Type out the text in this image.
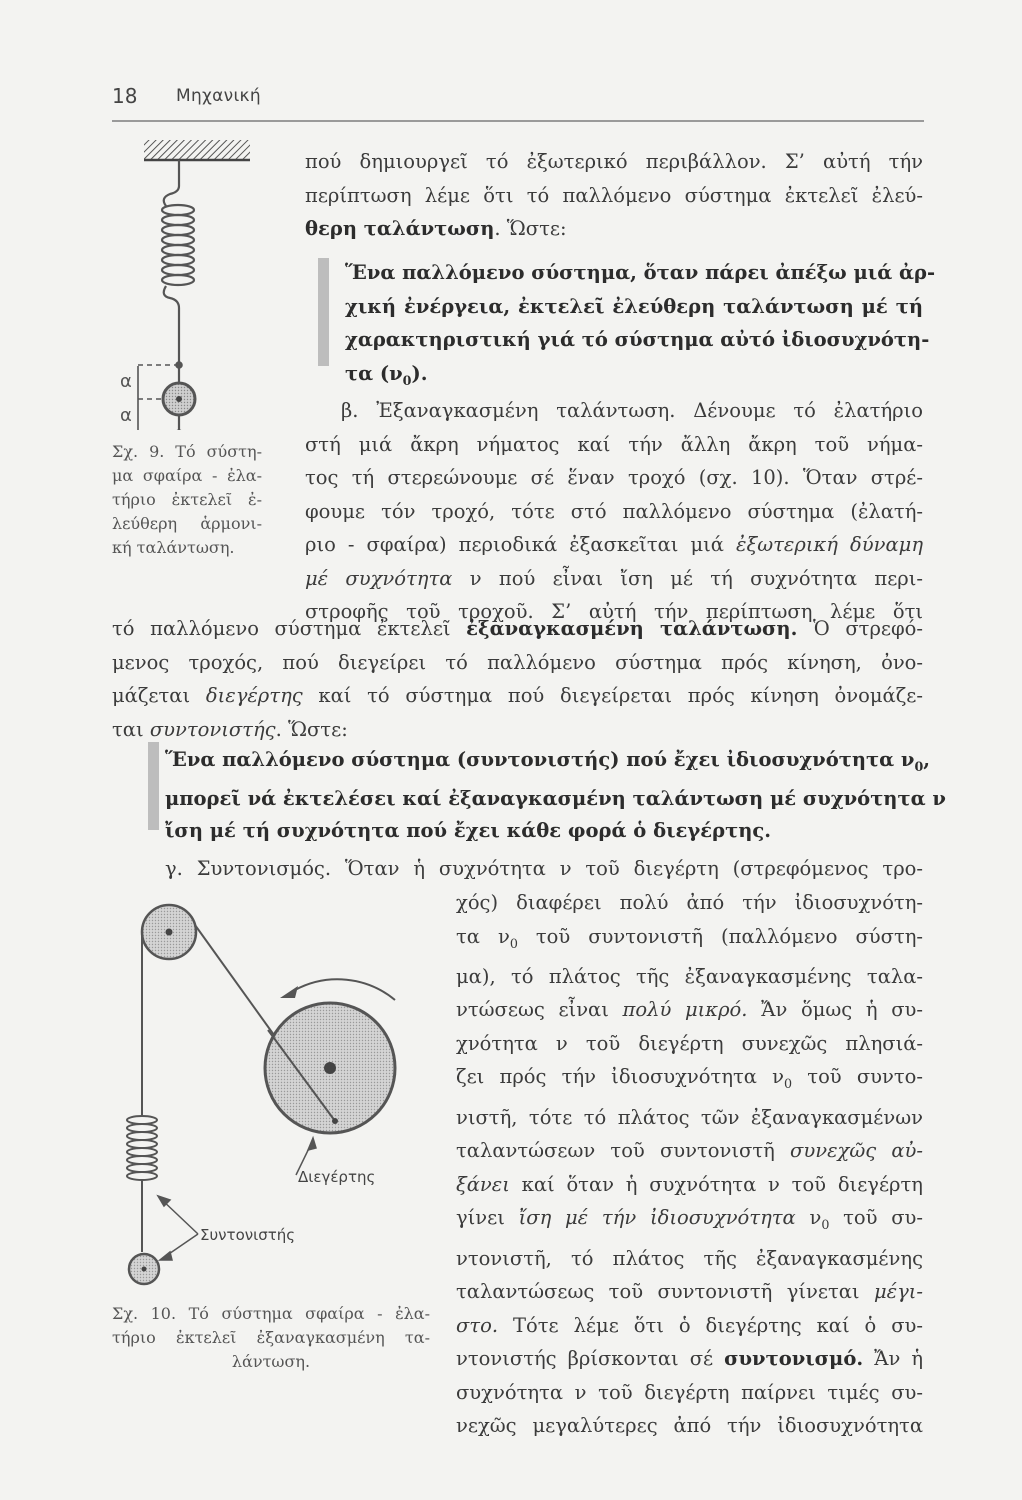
18 Μηχανική
α
α
Σχ. 9. Τό σύστη-
μα σφαίρα - ἐλα-
τήριο ἐκτελεῖ ἐ-
λεύθερη ἁρμονι-
κή ταλάντωση.
πού δημιουργεῖ τό ἐξωτερικό περιβάλλον. Σ’ αὐτή τήν
περίπτωση λέμε ὅτι τό παλλόμενο σύστημα ἐκτελεῖ ἐλεύ-
θερη ταλάντωση. Ὥστε:
Ἕνα παλλόμενο σύστημα, ὅταν πάρει ἀπέξω μιά ἀρ-
χική ἐνέργεια, ἐκτελεῖ ἐλεύθερη ταλάντωση μέ τή
χαρακτηριστική γιά τό σύστημα αὐτό ἰδιοσυχνότη-
τα $(\nu_0)$.
β. Ἐξαναγκασμένη ταλάντωση. Δένουμε τό ἐλατήριο
στή μιά ἄκρη νήματος καί τήν ἄλλη ἄκρη τοῦ νήμα-
τος τή στερεώνουμε σέ ἕναν τροχό (σχ. 10). Ὅταν στρέ-
φουμε τόν τροχό, τότε στό παλλόμενο σύστημα (ἐλατή-
ριο - σφαίρα) περιοδικά ἐξασκεῖται μιά ἐξωτερική δύναμη
μέ συχνότητα ν πού εἶναι ἴση μέ τή συχνότητα περι-
στροφῆς τοῦ τροχοῦ. Σ’ αὐτή τήν περίπτωση λέμε ὅτι
τό παλλόμενο σύστημα ἐκτελεῖ ἐξαναγκασμένη ταλάντωση. Ὁ στρεφό-
μενος τροχός, πού διεγείρει τό παλλόμενο σύστημα πρός κίνηση, ὀνο-
μάζεται διεγέρτης καί τό σύστημα πού διεγείρεται πρός κίνηση ὀνομάζε-
ται συντονιστής. Ὥστε:
Ἕνα παλλόμενο σύστημα (συντονιστής) πού ἔχει ἰδιοσυχνότητα $\nu_0$,
μπορεῖ νά ἐκτελέσει καί ἐξαναγκασμένη ταλάντωση μέ συχνότητα ν
ἴση μέ τή συχνότητα πού ἔχει κάθε φορά ὁ διεγέρτης.
γ. Συντονισμός. Ὅταν ἡ συχνότητα ν τοῦ διεγέρτη (στρεφόμενος τρο-
χός) διαφέρει πολύ ἀπό τήν ἰδιοσυχνότη-
τα $\nu_0$ τοῦ συντονιστῆ (παλλόμενο σύστη-
μα), τό πλάτος τῆς ἐξαναγκασμένης ταλα-
ντώσεως εἶναι πολύ μικρό. Ἄν ὅμως ἡ συ-
χνότητα ν τοῦ διεγέρτη συνεχῶς πλησιά-
ζει πρός τήν ἰδιοσυχνότητα $\nu_0$ τοῦ συντο-
νιστῆ, τότε τό πλάτος τῶν ἐξαναγκασμένων
ταλαντώσεων τοῦ συντονιστῆ συνεχῶς αὐ-
ξάνει καί ὅταν ἡ συχνότητα ν τοῦ διεγέρτη
γίνει ἴση μέ τήν ἰδιοσυχνότητα $\nu_0$ τοῦ συ-
ντονιστῆ, τό πλάτος τῆς ἐξαναγκασμένης
ταλαντώσεως τοῦ συντονιστῆ γίνεται μέγι-
στο. Τότε λέμε ὅτι ὁ διεγέρτης καί ὁ συ-
ντονιστής βρίσκονται σέ συντονισμό. Ἄν ἡ
συχνότητα ν τοῦ διεγέρτη παίρνει τιμές συ-
νεχῶς μεγαλύτερες ἀπό τήν ἰδιοσυχνότητα
Διεγέρτης
Συντονιστής
Σχ. 10. Τό σύστημα σφαίρα - ἐλα-
τήριο ἐκτελεῖ ἐξαναγκασμένη τα-
λάντωση.
